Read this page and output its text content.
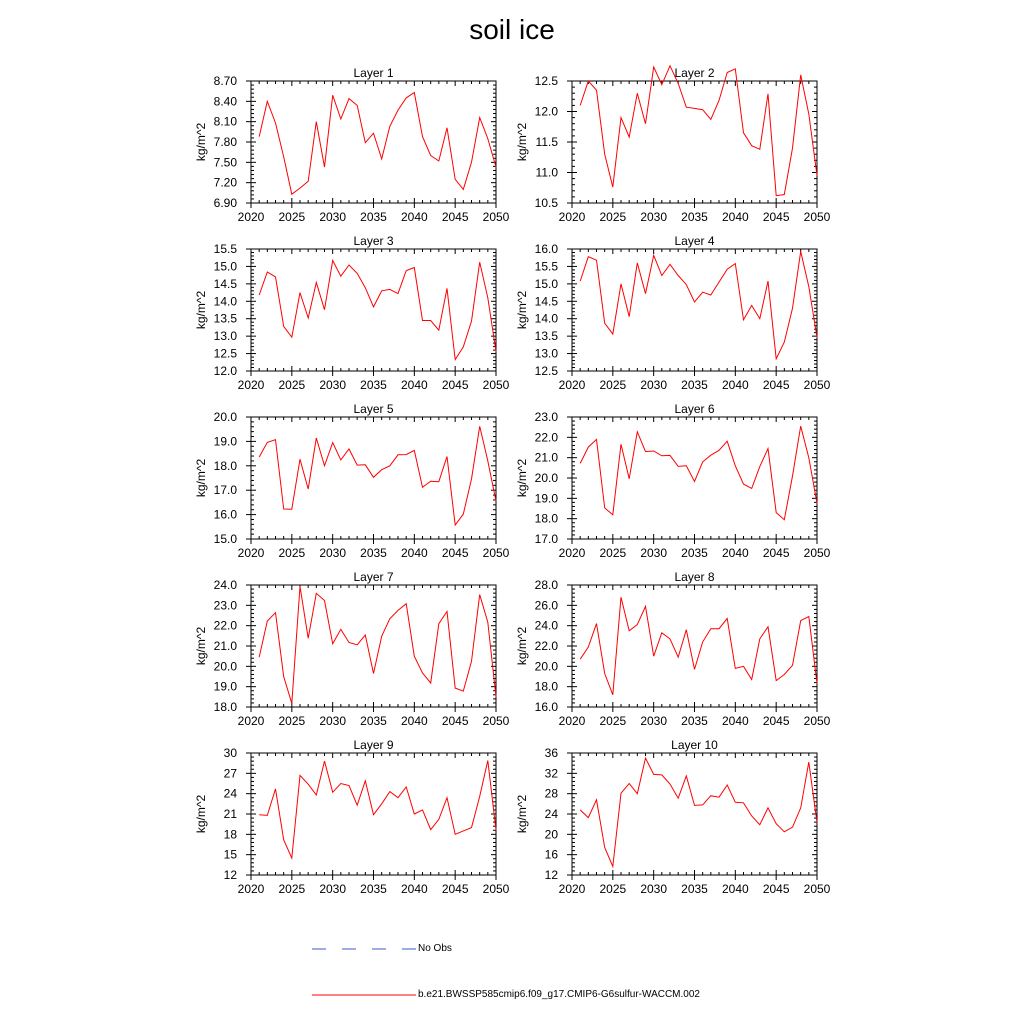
soil ice
Layer 1
6.90
7.20
7.50
7.80
8.10
8.40
8.70
2020 2025 2030 2035 2040 2045 2050
kg/m^2
Layer 2
10.5
11.0
11.5
12.0
12.5
2020 2025 2030 2035 2040 2045 2050
kg/m^2
Layer 3
12.0
12.5
13.0
13.5
14.0
14.5
15.0
15.5
2020 2025 2030 2035 2040 2045 2050
kg/m^2
Layer 4
12.5
13.0
13.5
14.0
14.5
15.0
15.5
16.0
2020 2025 2030 2035 2040 2045 2050
kg/m^2
Layer 5
15.0
16.0
17.0
18.0
19.0
20.0
2020 2025 2030 2035 2040 2045 2050
kg/m^2
Layer 6
17.0
18.0
19.0
20.0
21.0
22.0
23.0
2020 2025 2030 2035 2040 2045 2050
kg/m^2
Layer 7
18.0
19.0
20.0
21.0
22.0
23.0
24.0
2020 2025 2030 2035 2040 2045 2050
kg/m^2
Layer 8
16.0
18.0
20.0
22.0
24.0
26.0
28.0
2020 2025 2030 2035 2040 2045 2050
kg/m^2
Layer 9
12
15
18
21
24
27
30
2020 2025 2030 2035 2040 2045 2050
kg/m^2
Layer 10
12
16
20
24
28
32
36
2020 2025 2030 2035 2040 2045 2050
kg/m^2
No Obs
b.e21.BWSSP585cmip6.f09_g17.CMIP6-G6sulfur-WACCM.002
